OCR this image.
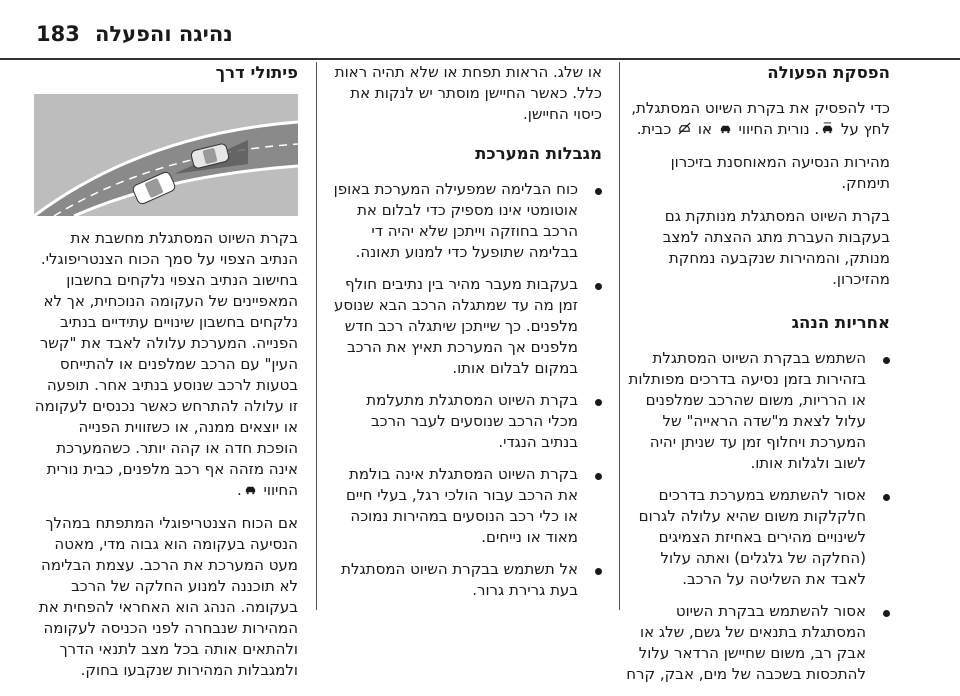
183 נהיגה והפעלה
הפסקת הפעולה

כדי להפסיק את בקרת השיוט המסתגלת, לחץ על . נורית החיווי  או  כבית.

מהירות הנסיעה המאוחסנת בזיכרון תימחק.

בקרת השיוט המסתגלת מנותקת גם בעקבות העברת מתג ההצתה למצב מנותק, והמהירות שנקבעה נמחקת מהזיכרון.

אחריות הנהג
השתמש בבקרת השיוט המסתגלת בזהירות בזמן נסיעה בדרכים מפותלות או הרריות, משום שהרכב שמלפנים עלול לצאת מ"שדה הראייה" של המערכת ויחלוף זמן עד שניתן יהיה לשוב ולגלות אותו.
אסור להשתמש במערכת בדרכים חלקלקות משום שהיא עלולה לגרום לשינויים מהירים באחיזת הצמיגים (החלקה של גלגלים) ואתה עלול לאבד את השליטה על הרכב.
אסור להשתמש בבקרת השיוט המסתגלת בתנאים של גשם, שלג או אבק רב, משום שחיישן הרדאר עלול להתכסות בשכבה של מים, אבק, קרח

או שלג. הראות תפחת או שלא תהיה ראות כלל. כאשר החיישן מוסתר יש לנקות את כיסוי החיישן.

מגבלות המערכת
כוח הבלימה שמפעילה המערכת באופן אוטומטי אינו מספיק כדי לבלום את הרכב בחוזקה וייתכן שלא יהיה די בבלימה שתופעל כדי למנוע תאונה.
בעקבות מעבר מהיר בין נתיבים חולף זמן מה עד שמתגלה הרכב הבא שנוסע מלפנים. כך שייתכן שיתגלה רכב חדש מלפנים אך המערכת תאיץ את הרכב במקום לבלום אותו.
בקרת השיוט המסתגלת מתעלמת מכלי הרכב שנוסעים לעבר הרכב בנתיב הנגדי.
בקרת השיוט המסתגלת אינה בולמת את הרכב עבור הולכי רגל, בעלי חיים או כלי רכב הנוסעים במהירות נמוכה מאוד או נייחים.
אל תשתמש בבקרת השיוט המסתגלת בעת גרירת גרור.
פיתולי דרך

בקרת השיוט המסתגלת מחשבת את הנתיב הצפוי על סמך הכוח הצנטריפוגלי. בחישוב הנתיב הצפוי נלקחים בחשבון המאפיינים של העקומה הנוכחית, אך לא נלקחים בחשבון שינויים עתידיים בנתיב הפנייה. המערכת עלולה לאבד את "קשר העין" עם הרכב שמלפנים או להתייחס בטעות לרכב שנוסע בנתיב אחר. תופעה זו עלולה להתרחש כאשר נכנסים לעקומה או יוצאים ממנה, או כשזווית הפנייה הופכת חדה או קהה יותר. כשהמערכת אינה מזהה אף רכב מלפנים, כבית נורית החיווי .

אם הכוח הצנטריפוגלי המתפתח במהלך הנסיעה בעקומה הוא גבוה מדי, מאטה מעט המערכת את הרכב. עצמת הבלימה לא תוכננה למנוע החלקה של הרכב בעקומה. הנהג הוא האחראי להפחית את המהירות שנבחרה לפני הכניסה לעקומה ולהתאים אותה בכל מצב לתנאי הדרך ולמגבלות המהירות שנקבעו בחוק.
